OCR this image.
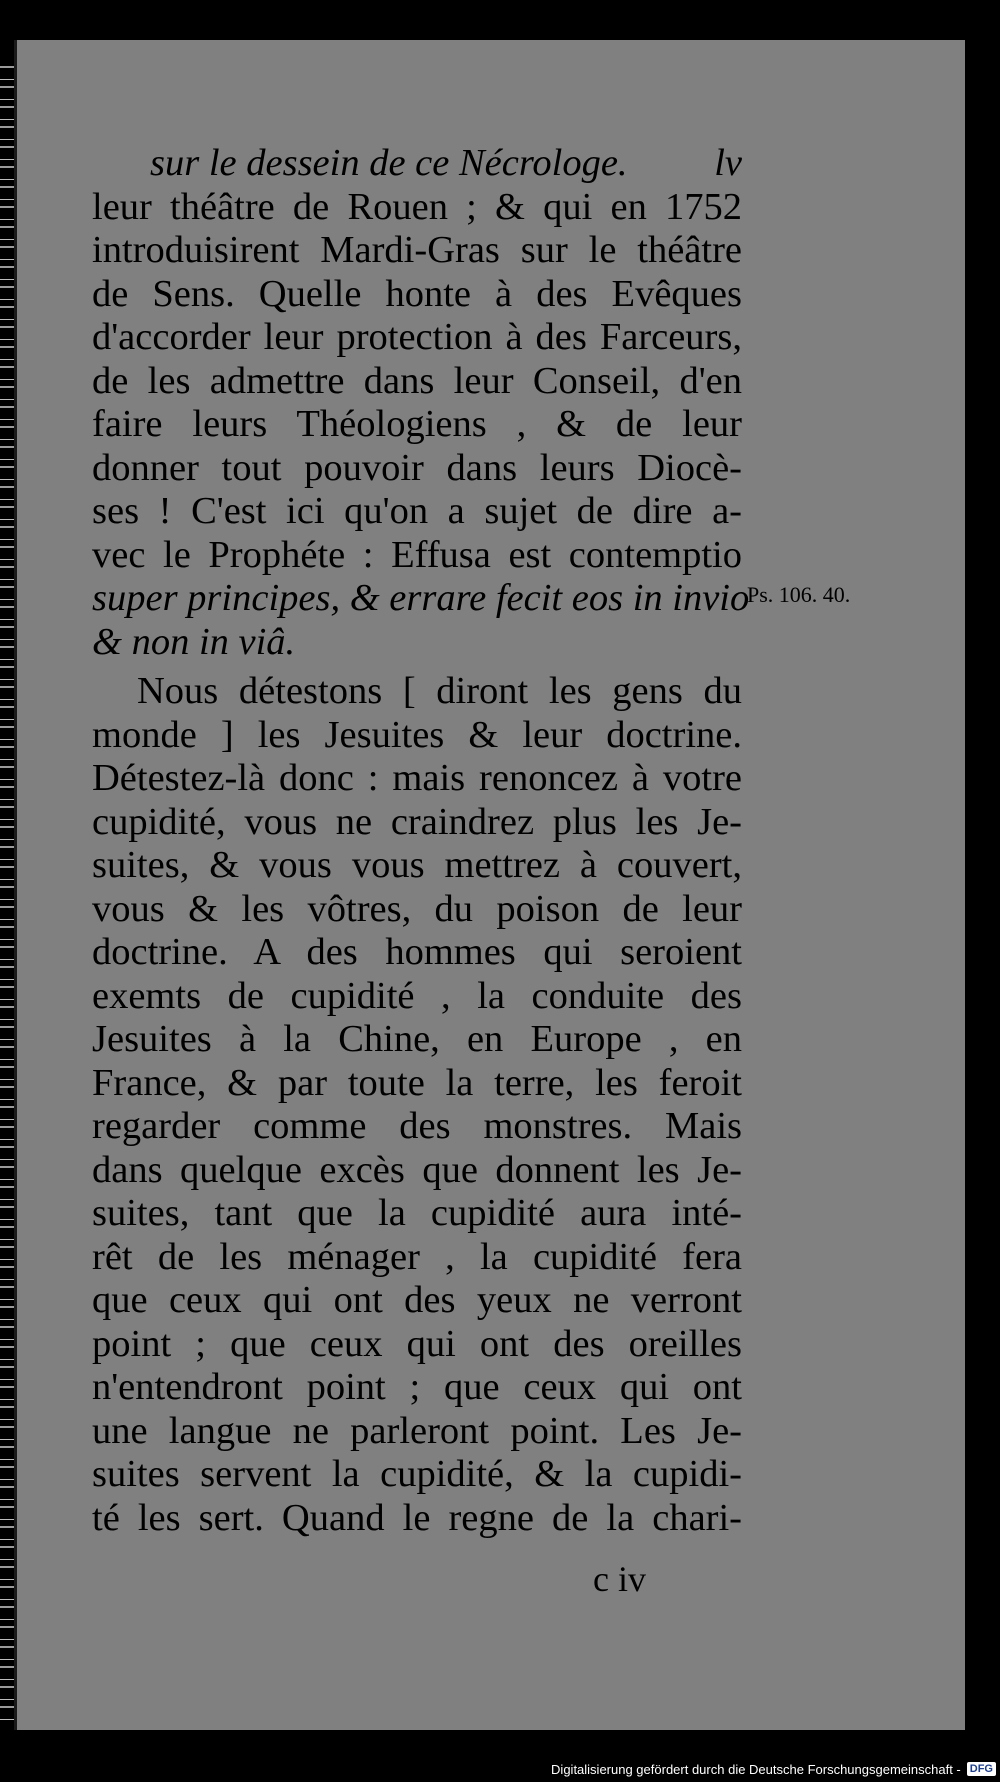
sur le dessein de ce Nécrologe. lv
leur théâtre de Rouen ; & qui en 1752
introduisirent Mardi-Gras sur le théâtre
de Sens. Quelle honte à des Evêques
d'accorder leur protection à des Farceurs,
de les admettre dans leur Conseil, d'en
faire leurs Théologiens , & de leur
donner tout pouvoir dans leurs Diocè-
ses ! C'est ici qu'on a sujet de dire a-
vec le Prophéte : Effusa est contemptio
super principes, & errare fecit eos in invio
& non in viâ.
Nous détestons [ diront les gens du
monde ] les Jesuites & leur doctrine.
Détestez-là donc : mais renoncez à votre
cupidité, vous ne craindrez plus les Je-
suites, & vous vous mettrez à couvert,
vous & les vôtres, du poison de leur
doctrine. A des hommes qui seroient
exemts de cupidité , la conduite des
Jesuites à la Chine, en Europe , en
France, & par toute la terre, les feroit
regarder comme des monstres. Mais
dans quelque excès que donnent les Je-
suites, tant que la cupidité aura inté-
rêt de les ménager , la cupidité fera
que ceux qui ont des yeux ne verront
point ; que ceux qui ont des oreilles
n'entendront point ; que ceux qui ont
une langue ne parleront point. Les Je-
suites servent la cupidité, & la cupidi-
té les sert. Quand le regne de la chari-
Ps. 106. 40.
c iv
Digitalisierung gefördert durch die Deutsche Forschungsgemeinschaft - DFG
